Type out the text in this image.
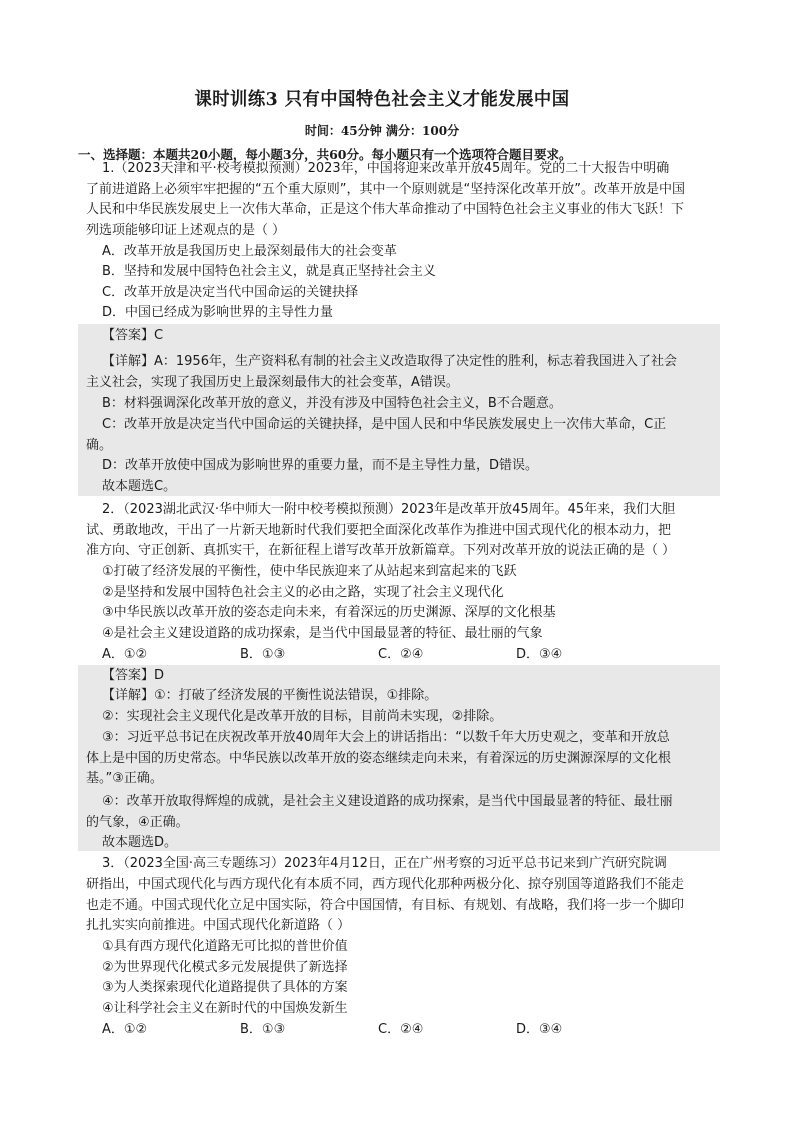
课时训练3 只有中国特色社会主义才能发展中国
时间：45分钟 满分：100分
一、选择题：本题共20小题，每小题3分，共60分。每小题只有一个选项符合题目要求。
1.（2023天津和平·校考模拟预测）2023年，中国将迎来改革开放45周年。党的二十大报告中明确
了前进道路上必须牢牢把握的“五个重大原则”，其中一个原则就是“坚持深化改革开放”。改革开放是中国
人民和中华民族发展史上一次伟大革命，正是这个伟大革命推动了中国特色社会主义事业的伟大飞跃！下
列选项能够印证上述观点的是（ ）
A．改革开放是我国历史上最深刻最伟大的社会变革
B．坚持和发展中国特色社会主义，就是真正坚持社会主义
C．改革开放是决定当代中国命运的关键抉择
D．中国已经成为影响世界的主导性力量
【答案】C
【详解】A：1956年，生产资料私有制的社会主义改造取得了决定性的胜利，标志着我国进入了社会
主义社会，实现了我国历史上最深刻最伟大的社会变革，A错误。
B：材料强调深化改革开放的意义，并没有涉及中国特色社会主义，B不合题意。
C：改革开放是决定当代中国命运的关键抉择，是中国人民和中华民族发展史上一次伟大革命，C正
确。
D：改革开放使中国成为影响世界的重要力量，而不是主导性力量，D错误。
故本题选C。
2．（2023湖北武汉·华中师大一附中校考模拟预测）2023年是改革开放45周年。45年来，我们大胆
试、勇敢地改，干出了一片新天地新时代我们要把全面深化改革作为推进中国式现代化的根本动力，把
准方向、守正创新、真抓实干，在新征程上谱写改革开放新篇章。下列对改革开放的说法正确的是（ ）
①打破了经济发展的平衡性，使中华民族迎来了从站起来到富起来的飞跃
②是坚持和发展中国特色社会主义的必由之路，实现了社会主义现代化
③中华民族以改革开放的姿态走向未来，有着深远的历史渊源、深厚的文化根基
④是社会主义建设道路的成功探索，是当代中国最显著的特征、最壮丽的气象
A．①②	B．①③	C．②④	D．③④
【答案】D
【详解】①：打破了经济发展的平衡性说法错误，①排除。
②：实现社会主义现代化是改革开放的目标，目前尚未实现，②排除。
③：习近平总书记在庆祝改革开放40周年大会上的讲话指出：“以数千年大历史观之，变革和开放总
体上是中国的历史常态。中华民族以改革开放的姿态继续走向未来，有着深远的历史渊源深厚的文化根
基。”③正确。
④：改革开放取得辉煌的成就，是社会主义建设道路的成功探索，是当代中国最显著的特征、最壮丽
的气象，④正确。
故本题选D。
3．（2023全国·高三专题练习）2023年4月12日，正在广州考察的习近平总书记来到广汽研究院调
研指出，中国式现代化与西方现代化有本质不同，西方现代化那种两极分化、掠夺别国等道路我们不能走
也走不通。中国式现代化立足中国实际，符合中国国情，有目标、有规划、有战略，我们将一步一个脚印
扎扎实实向前推进。中国式现代化新道路（ ）
①具有西方现代化道路无可比拟的普世价值
②为世界现代化模式多元发展提供了新选择
③为人类探索现代化道路提供了具体的方案
④让科学社会主义在新时代的中国焕发新生
A．①②	B．①③	C．②④	D．③④
